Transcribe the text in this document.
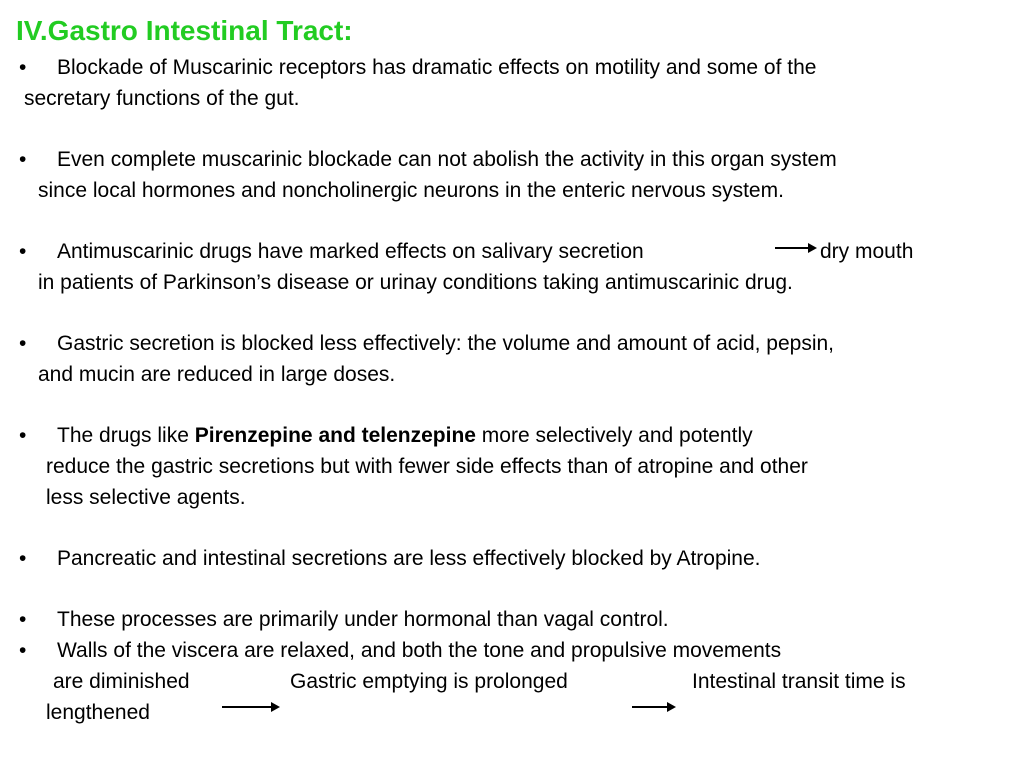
IV.Gastro Intestinal Tract:
• Blockade of Muscarinic receptors has dramatic effects on motility and some of the
secretary functions of the gut.
• Even complete muscarinic blockade can not abolish the activity in this organ system
since local hormones and noncholinergic neurons in the enteric nervous system.
• Antimuscarinic drugs have marked effects on salivary secretion	dry mouth
in patients of Parkinson’s disease or urinay conditions taking antimuscarinic drug.
• Gastric secretion is blocked less effectively: the volume and amount of acid, pepsin,
and mucin are reduced in large doses.
• The drugs like Pirenzepine and telenzepine more selectively and potently
reduce the gastric secretions but with fewer side effects than of atropine and other
less selective agents.
• Pancreatic and intestinal secretions are less effectively blocked by Atropine.
• These processes are primarily under hormonal than vagal control.
• Walls of the viscera are relaxed, and both the tone and propulsive movements
are diminished	Gastric emptying is prolonged	Intestinal transit time is
lengthened
